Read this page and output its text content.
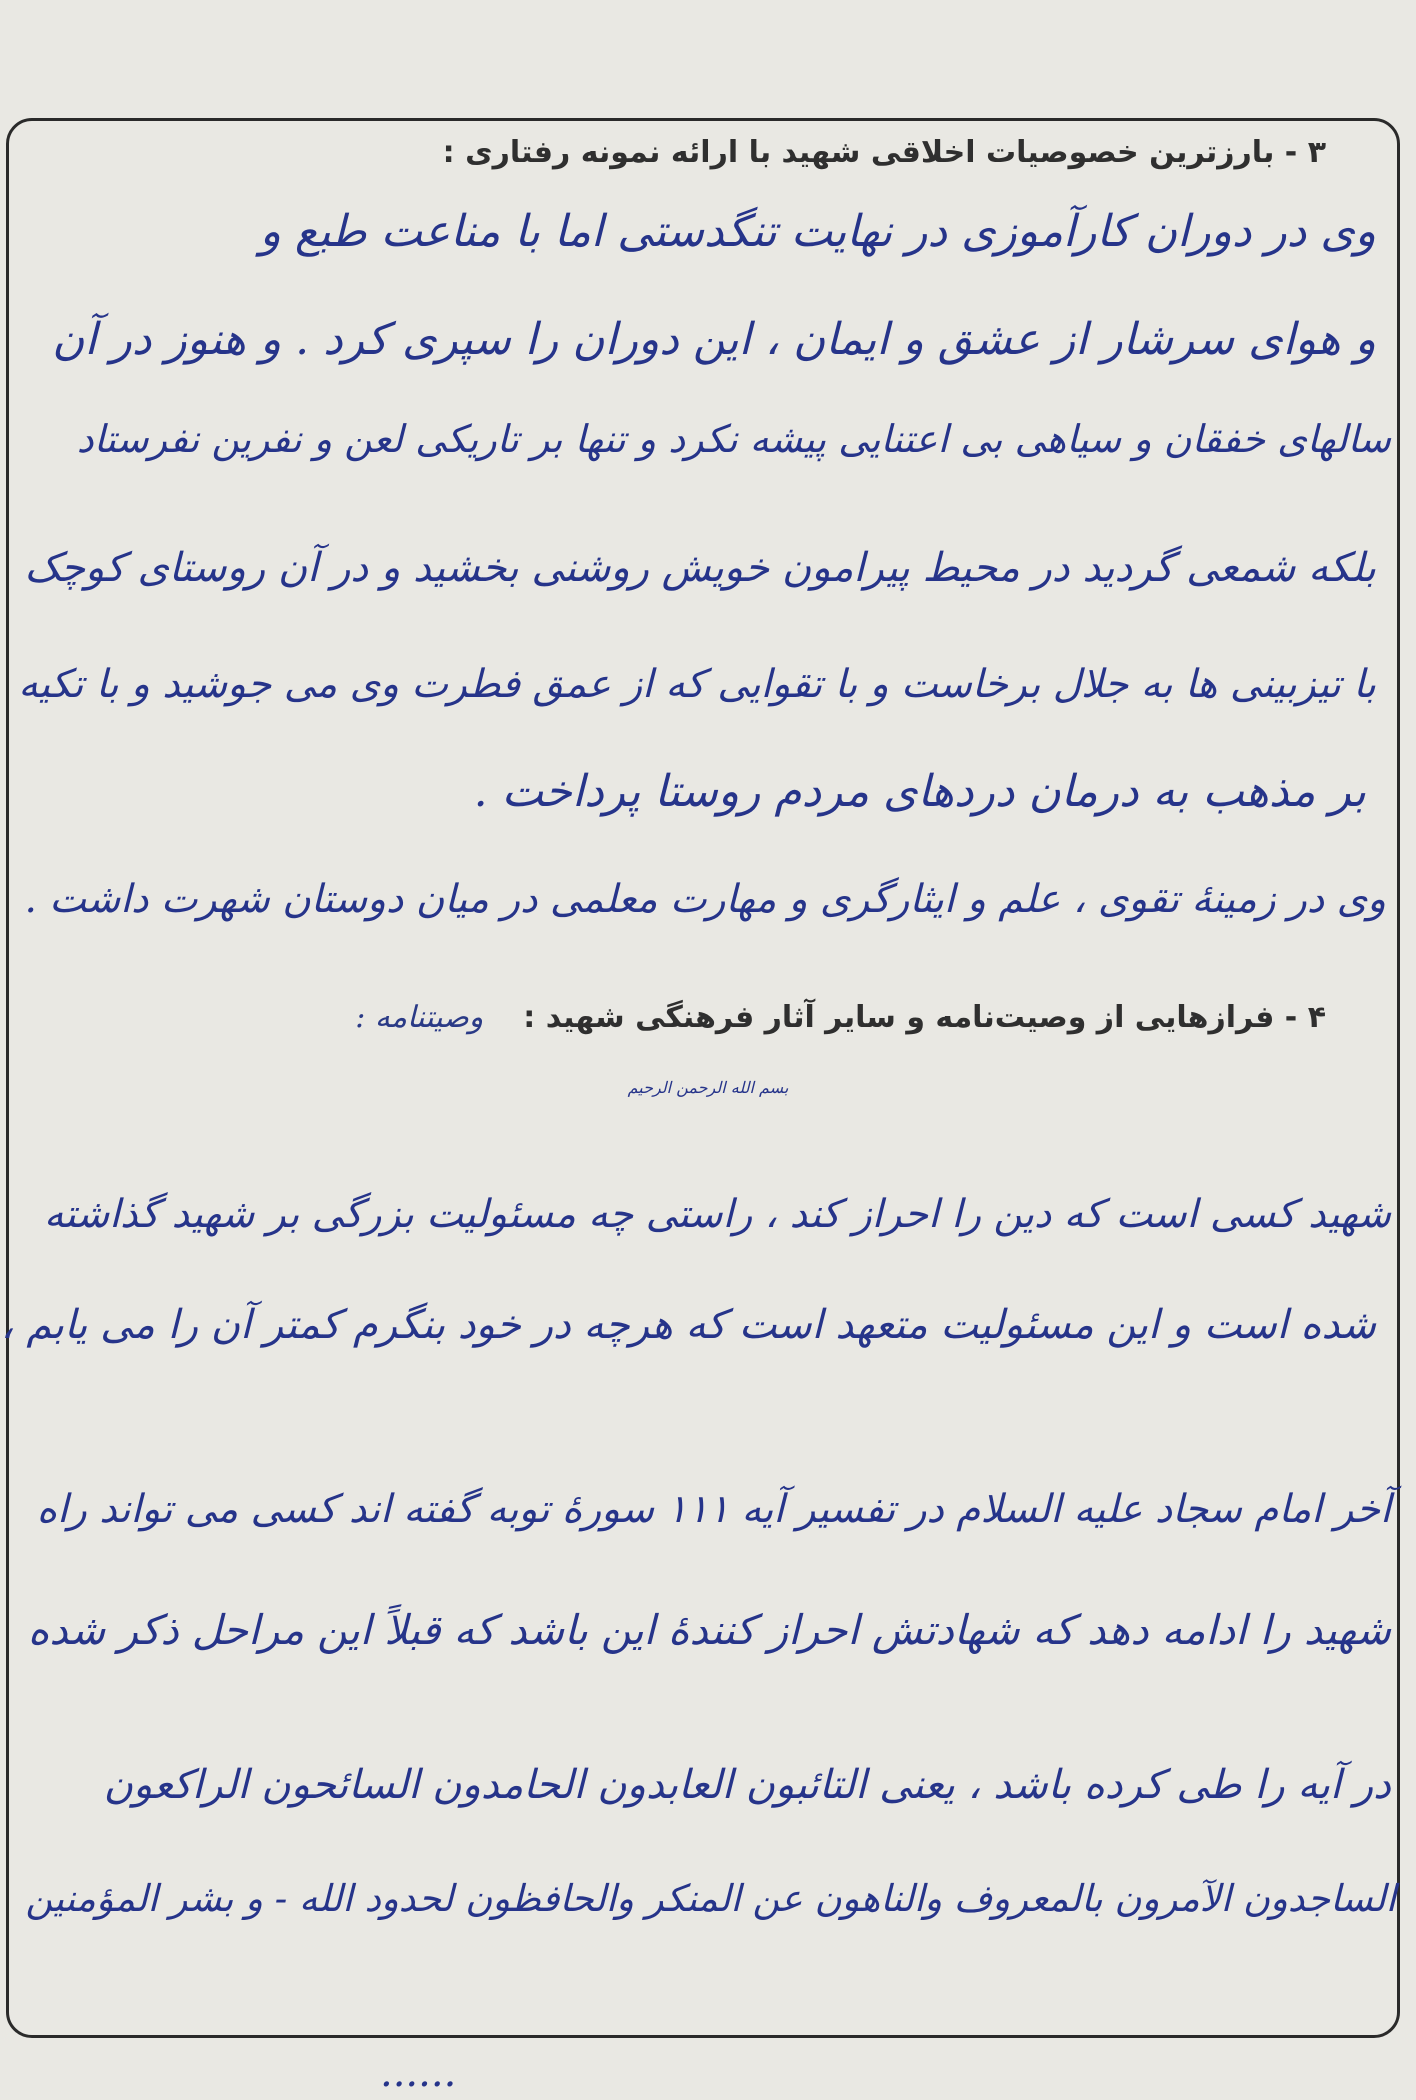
۳ - بارزترین خصوصیات اخلاقی شهید با ارائه نمونه رفتاری :
وی در دوران کارآموزی در نهایت تنگدستی اما با مناعت طبع و
و هوای سرشار از عشق و ایمان ، این دوران را سپری کرد . و هنوز در آن
سالهای خفقان و سیاهی بی اعتنایی پیشه نکرد و تنها بر تاریکی لعن و نفرین نفرستاد
بلکه شمعی گردید در محیط پیرامون خویش روشنی بخشید و در آن روستای کوچک
با تیزبینی ها به جلال برخاست و با تقوایی که از عمق فطرت وی می جوشید و با تکیه
بر مذهب به درمان دردهای مردم روستا پرداخت .
وی در زمینهٔ تقوی ، علم و ایثارگری و مهارت معلمی در میان دوستان شهرت داشت .
۴ - فرازهایی از وصیت‌نامه و سایر آثار فرهنگی شهید :وصیتنامه :
بسم الله الرحمن الرحیم
شهید کسی است که دین را احراز کند ، راستی چه مسئولیت بزرگی بر شهید گذاشته
شده است و این مسئولیت متعهد است که هرچه در خود بنگرم کمتر آن را می یابم ،
آخر امام سجاد علیه السلام در تفسیر آیه ۱۱۱ سورهٔ توبه گفته اند کسی می تواند راه
شهید را ادامه دهد که شهادتش احراز کنندهٔ این باشد که قبلاً این مراحل ذکر شده
در آیه را طی کرده باشد ، یعنی التائبون العابدون الحامدون السائحون الراکعون
الساجدون الآمرون بالمعروف والناهون عن المنکر والحافظون لحدود الله - و بشر المؤمنین
......
